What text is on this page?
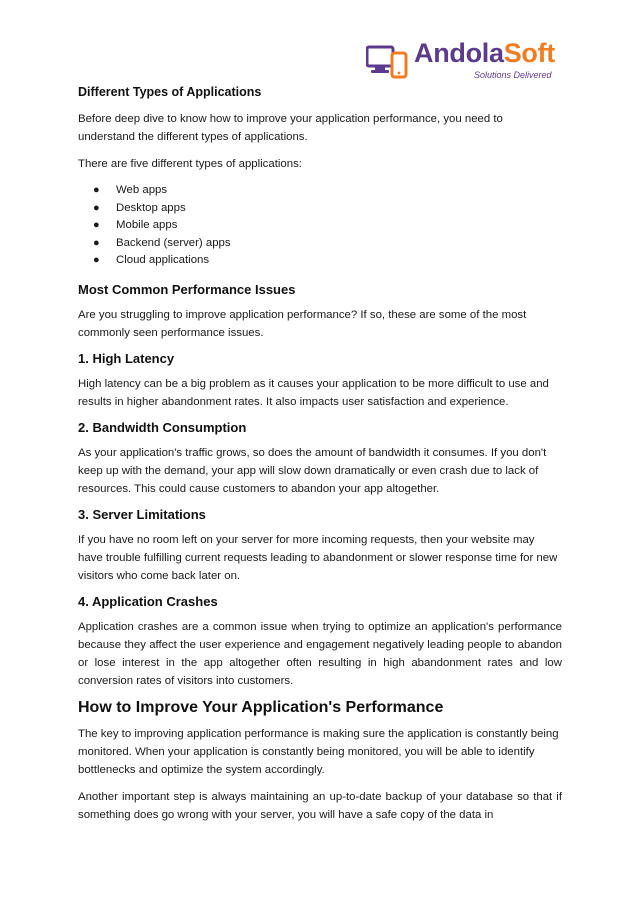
AndolaSoft
Solutions Delivered
Different Types of Applications

Before deep dive to know how to improve your application performance, you need to understand the different types of applications.

There are five different types of applications:

● Web apps
● Desktop apps
● Mobile apps
● Backend (server) apps
● Cloud applications
Most Common Performance Issues

Are you struggling to improve application performance? If so, these are some of the most commonly seen performance issues.

1. High Latency

High latency can be a big problem as it causes your application to be more difficult to use and results in higher abandonment rates. It also impacts user satisfaction and experience.

2. Bandwidth Consumption

As your application's traffic grows, so does the amount of bandwidth it consumes. If you don't keep up with the demand, your app will slow down dramatically or even crash due to lack of resources. This could cause customers to abandon your app altogether.

3. Server Limitations

If you have no room left on your server for more incoming requests, then your website may have trouble fulfilling current requests leading to abandonment or slower response time for new visitors who come back later on.

4. Application Crashes

Application crashes are a common issue when trying to optimize an application's performance because they affect the user experience and engagement negatively leading people to abandon or lose interest in the app altogether often resulting in high abandonment rates and low conversion rates of visitors into customers.

How to Improve Your Application's Performance

The key to improving application performance is making sure the application is constantly being monitored. When your application is constantly being monitored, you will be able to identify bottlenecks and optimize the system accordingly.

Another important step is always maintaining an up-to-date backup of your database so that if something does go wrong with your server, you will have a safe copy of the data in
